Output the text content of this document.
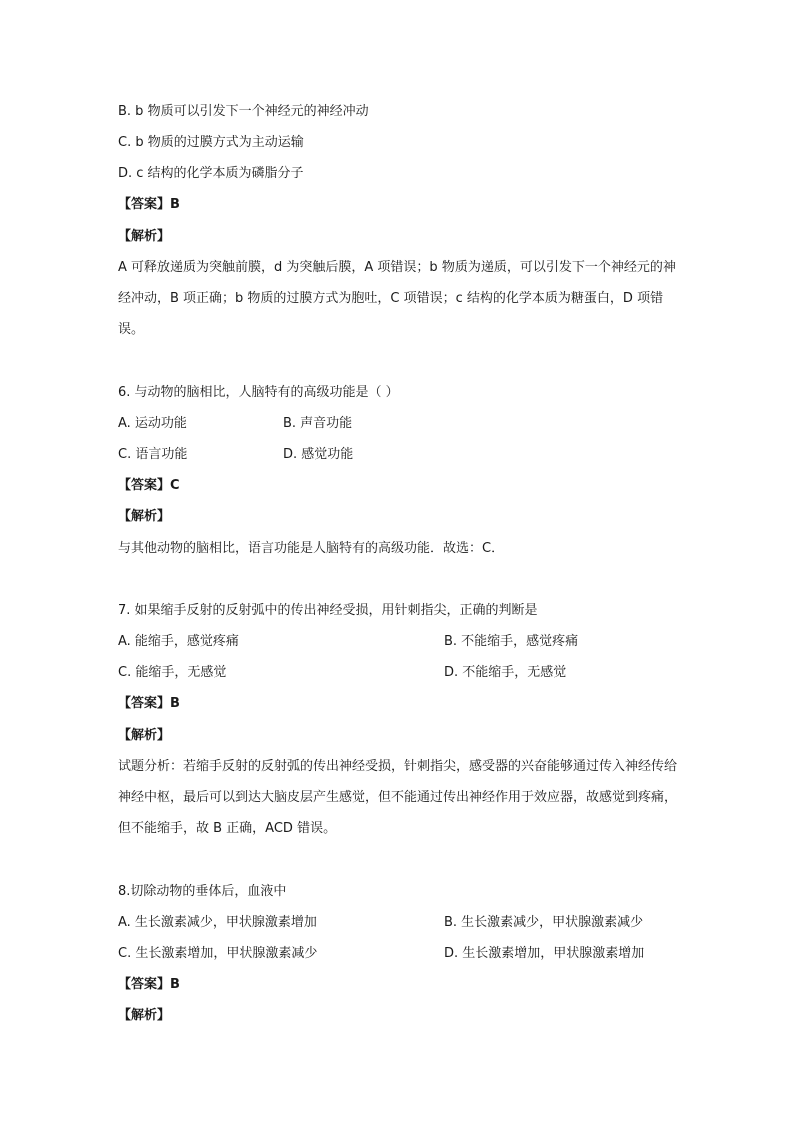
B. b 物质可以引发下一个神经元的神经冲动
C. b 物质的过膜方式为主动运输
D. c 结构的化学本质为磷脂分子
【答案】B
【解析】
A 可释放递质为突触前膜，d 为突触后膜，A 项错误；b 物质为递质，可以引发下一个神经元的神经冲动，B 项正确；b 物质的过膜方式为胞吐，C 项错误；c 结构的化学本质为糖蛋白，D 项错误。
6. 与动物的脑相比，人脑特有的高级功能是（ ）
A. 运动功能	B. 声音功能
C. 语言功能	D. 感觉功能
【答案】C
【解析】
与其他动物的脑相比，语言功能是人脑特有的高级功能．故选：C．
7. 如果缩手反射的反射弧中的传出神经受损，用针刺指尖，正确的判断是
A. 能缩手，感觉疼痛	B. 不能缩手，感觉疼痛
C. 能缩手，无感觉	D. 不能缩手，无感觉
【答案】B
【解析】
试题分析：若缩手反射的反射弧的传出神经受损，针刺指尖，感受器的兴奋能够通过传入神经传给神经中枢，最后可以到达大脑皮层产生感觉，但不能通过传出神经作用于效应器，故感觉到疼痛，但不能缩手，故 B 正确，ACD 错误。
8.切除动物的垂体后，血液中
A. 生长激素减少，甲状腺激素增加	B. 生长激素减少，甲状腺激素减少
C. 生长激素增加，甲状腺激素减少	D. 生长激素增加，甲状腺激素增加
【答案】B
【解析】
